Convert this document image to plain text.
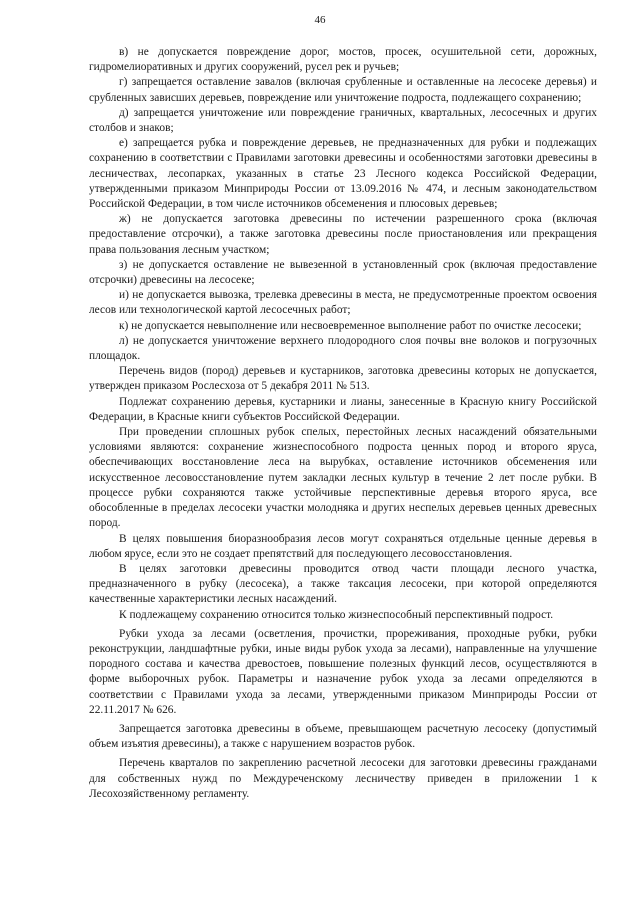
46

в) не допускается повреждение дорог, мостов, просек, осушительной сети, дорожных, гидромелиоративных и других сооружений, русел рек и ручьев;

г) запрещается оставление завалов (включая срубленные и оставленные на лесосеке деревья) и срубленных зависших деревьев, повреждение или уничтожение подроста, подлежащего сохранению;

д) запрещается уничтожение или повреждение граничных, квартальных, лесосечных и других столбов и знаков;

е) запрещается рубка и повреждение деревьев, не предназначенных для рубки и подлежащих сохранению в соответствии с Правилами заготовки древесины и особенностями заготовки древесины в лесничествах, лесопарках, указанных в статье 23 Лесного кодекса Российской Федерации, утвержденными приказом Минприроды России от 13.09.2016 № 474, и лесным законодательством Российской Федерации, в том числе источников обсеменения и плюсовых деревьев;

ж) не допускается заготовка древесины по истечении разрешенного срока (включая предоставление отсрочки), а также заготовка древесины после приостановления или прекращения права пользования лесным участком;

з) не допускается оставление не вывезенной в установленный срок (включая предоставление отсрочки) древесины на лесосеке;

и) не допускается вывозка, трелевка древесины в места, не предусмотренные проектом освоения лесов или технологической картой лесосечных работ;

к) не допускается невыполнение или несвоевременное выполнение работ по очистке лесосеки;

л) не допускается уничтожение верхнего плодородного слоя почвы вне волоков и погрузочных площадок.

Перечень видов (пород) деревьев и кустарников, заготовка древесины которых не допускается, утвержден приказом Рослесхоза от 5 декабря 2011 № 513.

Подлежат сохранению деревья, кустарники и лианы, занесенные в Красную книгу Российской Федерации, в Красные книги субъектов Российской Федерации.

При проведении сплошных рубок спелых, перестойных лесных насаждений обязательными условиями являются: сохранение жизнеспособного подроста ценных пород и второго яруса, обеспечивающих восстановление леса на вырубках, оставление источников обсеменения или искусственное лесовосстановление путем закладки лесных культур в течение 2 лет после рубки. В процессе рубки сохраняются также устойчивые перспективные деревья второго яруса, все обособленные в пределах лесосеки участки молодняка и других неспелых деревьев ценных древесных пород.

В целях повышения биоразнообразия лесов могут сохраняться отдельные ценные деревья в любом ярусе, если это не создает препятствий для последующего лесовосстановления.

В целях заготовки древесины проводится отвод части площади лесного участка, предназначенного в рубку (лесосека), а также таксация лесосеки, при которой определяются качественные характеристики лесных насаждений.

К подлежащему сохранению относится только жизнеспособный перспективный подрост.

Рубки ухода за лесами (осветления, прочистки, прореживания, проходные рубки, рубки реконструкции, ландшафтные рубки, иные виды рубок ухода за лесами), направленные на улучшение породного состава и качества древостоев, повышение полезных функций лесов, осуществляются в форме выборочных рубок. Параметры и назначение рубок ухода за лесами определяются в соответствии с Правилами ухода за лесами, утвержденными приказом Минприроды России от 22.11.2017 № 626.

Запрещается заготовка древесины в объеме, превышающем расчетную лесосеку (допустимый объем изъятия древесины), а также с нарушением возрастов рубок.

Перечень кварталов по закреплению расчетной лесосеки для заготовки древесины гражданами для собственных нужд по Междуреченскому лесничеству приведен в приложении 1 к Лесохозяйственному регламенту.
